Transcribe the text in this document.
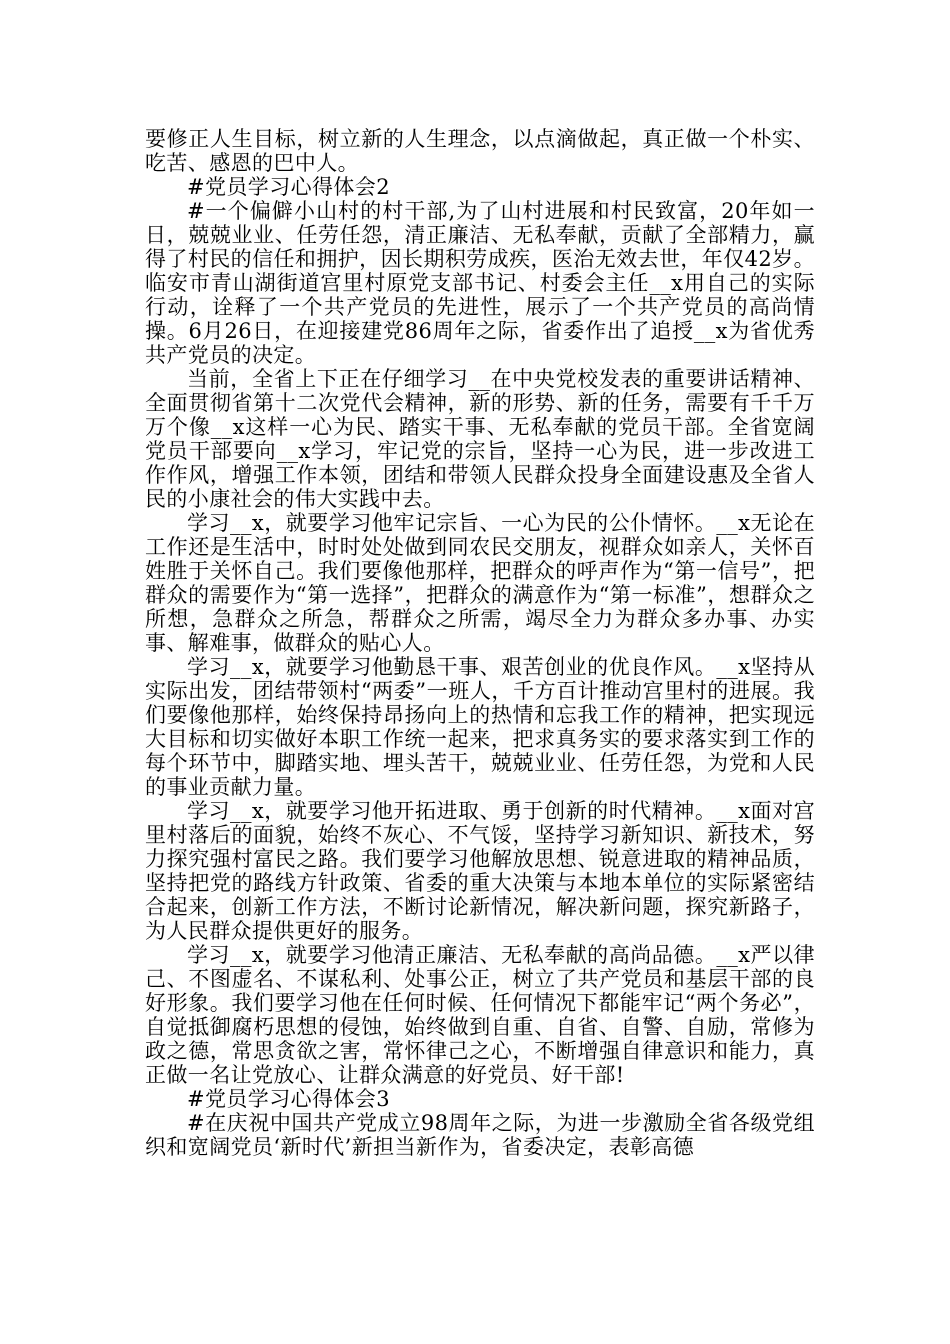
要修正人生目标，树立新的人生理念，以点滴做起，真正做一个朴实、吃苦、感恩的巴中人。

#党员学习心得体会2

#一个偏僻小山村的村干部,为了山村进展和村民致富，20年如一日，兢兢业业、任劳任怨，清正廉洁、无私奉献，贡献了全部精力，赢得了村民的信任和拥护，因长期积劳成疾，医治无效去世，年仅42岁。临安市青山湖街道宫里村原党支部书记、村委会主任__x用自己的实际行动，诠释了一个共产党员的先进性，展示了一个共产党员的高尚情操。6月26日，在迎接建党86周年之际，省委作出了追授__x为省优秀共产党员的决定。

当前，全省上下正在仔细学习__在中央党校发表的重要讲话精神、全面贯彻省第十二次党代会精神，新的形势、新的任务，需要有千千万万个像__x这样一心为民、踏实干事、无私奉献的党员干部。全省宽阔党员干部要向__x学习，牢记党的宗旨，坚持一心为民，进一步改进工作作风，增强工作本领，团结和带领人民群众投身全面建设惠及全省人民的小康社会的伟大实践中去。

学习__x，就要学习他牢记宗旨、一心为民的公仆情怀。__x无论在工作还是生活中，时时处处做到同农民交朋友，视群众如亲人，关怀百姓胜于关怀自己。我们要像他那样，把群众的呼声作为“第一信号”，把群众的需要作为“第一选择”，把群众的满意作为“第一标准”，想群众之所想，急群众之所急，帮群众之所需，竭尽全力为群众多办事、办实事、解难事，做群众的贴心人。

学习__x，就要学习他勤恳干事、艰苦创业的优良作风。__x坚持从实际出发，团结带领村“两委”一班人，千方百计推动宫里村的进展。我们要像他那样，始终保持昂扬向上的热情和忘我工作的精神，把实现远大目标和切实做好本职工作统一起来，把求真务实的要求落实到工作的每个环节中，脚踏实地、埋头苦干，兢兢业业、任劳任怨，为党和人民的事业贡献力量。

学习__x，就要学习他开拓进取、勇于创新的时代精神。__x面对宫里村落后的面貌，始终不灰心、不气馁，坚持学习新知识、新技术，努力探究强村富民之路。我们要学习他解放思想、锐意进取的精神品质，坚持把党的路线方针政策、省委的重大决策与本地本单位的实际紧密结合起来，创新工作方法，不断讨论新情况，解决新问题，探究新路子，为人民群众提供更好的服务。

学习__x，就要学习他清正廉洁、无私奉献的高尚品德。__x严以律己、不图虚名、不谋私利、处事公正，树立了共产党员和基层干部的良好形象。我们要学习他在任何时候、任何情况下都能牢记“两个务必”，自觉抵御腐朽思想的侵蚀，始终做到自重、自省、自警、自励，常修为政之德，常思贪欲之害，常怀律己之心，不断增强自律意识和能力，真正做一名让党放心、让群众满意的好党员、好干部!

#党员学习心得体会3

#在庆祝中国共产党成立98周年之际，为进一步激励全省各级党组织和宽阔党员‘新时代’新担当新作为，省委决定，表彰高德
